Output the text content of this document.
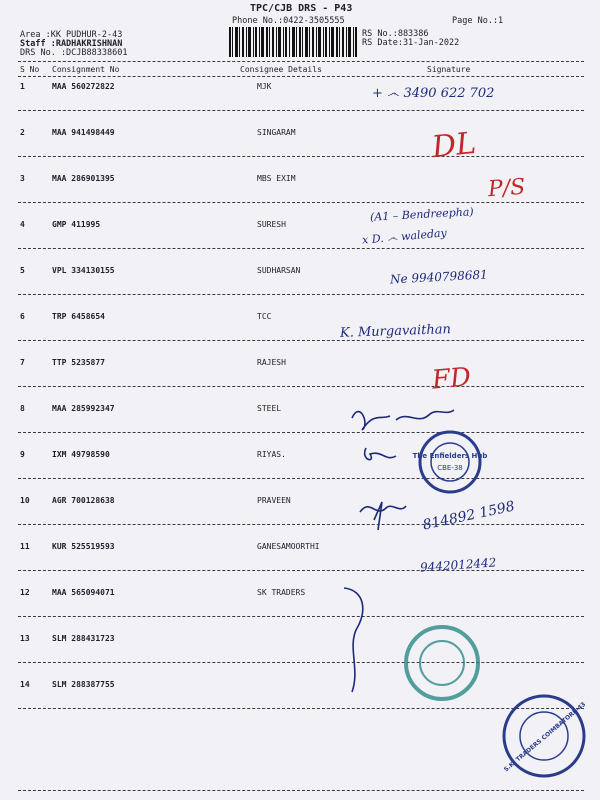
TPC/CJB DRS - P43
Phone No.:0422-3505555	Page No.:1
Area :KK PUDHUR-2-43
Staff :RADHAKRISHNAN
DRS No. :DCJB88338601
RS No.:883386
RS Date:31-Jan-2022
S No Consignment No	Consignee Details	Signature
1	MAA 560272822	MJK
2	MAA 941498449	SINGARAM
3	MAA 286901395	MBS EXIM
4	GMP 411995	SURESH
5	VPL 334130155	SUDHARSAN
6	TRP 6458654	TCC
7	TTP 5235877	RAJESH
8	MAA 285992347	STEEL
9	IXM 49798590	RIYAS.
10	AGR 700128638	PRAVEEN
11	KUR 525519593	GANESAMOORTHI
12	MAA 565094071	SK TRADERS
13	SLM 288431723
14	SLM 288387755
+ ෴ 3490 622 702
DL
P/S
(A1 – Bendreepha)
x D. ෴ waleday
Ne 9940798681
K. Murgavaithan
FD
814892 1598
9442012442
The Enfielders Hub
CBE-38
S.K. TRADERS COIMBATORE-43
